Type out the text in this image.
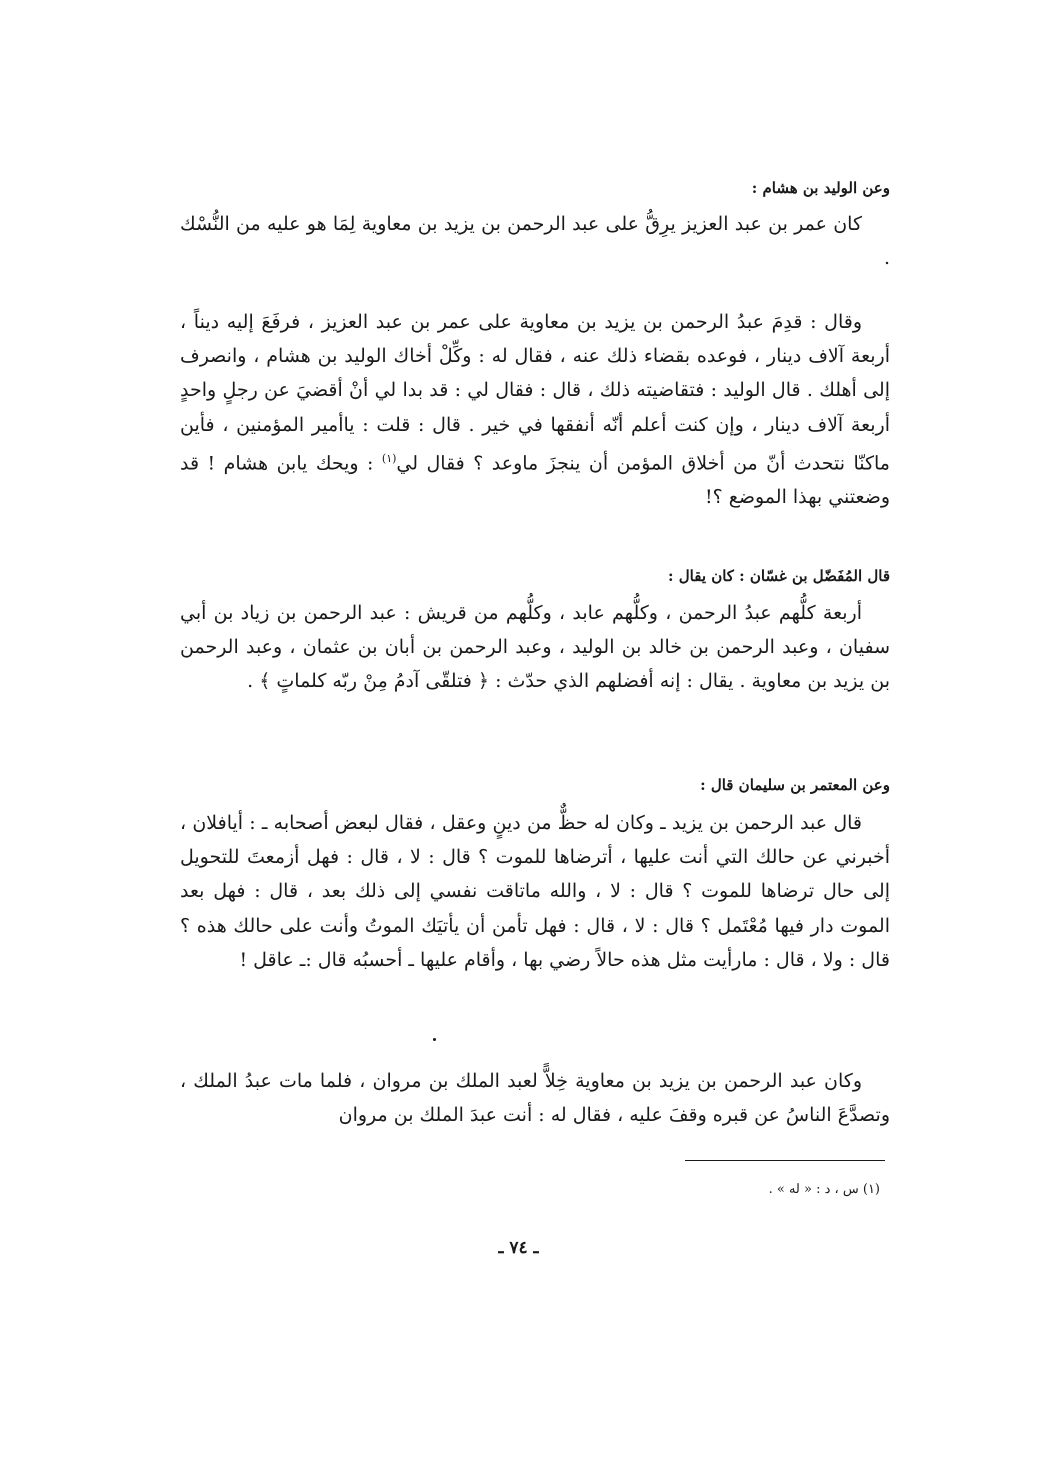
وعن الوليد بن هشام :

كان عمر بن عبد العزيز يرِقُّ على عبد الرحمن بن يزيد بن معاوية لِمَا هو عليه من النُّسْك .

وقال : قدِمَ عبدُ الرحمن بن يزيد بن معاوية على عمر بن عبد العزيز ، فرفَعَ إليه ديناً ، أربعة آلاف دينار ، فوعده بقضاء ذلك عنه ، فقال له : وكِّلْ أخاك الوليد بن هشام ، وانصرف إلى أهلك . قال الوليد : فتقاضيته ذلك ، قال : فقال لي : قد بدا لي أنْ أقضيَ عن رجلٍ واحدٍ أربعة آلاف دينار ، وإن كنت أعلم أنّه أنفقها في خير . قال : قلت : ياأمير المؤمنين ، فأين ماكنّا نتحدث أنّ من أخلاق المؤمن أن ينجزَ ماوعد ؟ فقال لي$^{(١)}$ : ويحك يابن هشام ! قد وضعتني بهذا الموضع ؟!

قال المُفَضّل بن غسّان : كان يقال :

أربعة كلُّهم عبدُ الرحمن ، وكلُّهم عابد ، وكلُّهم من قريش : عبد الرحمن بن زياد بن أبي سفيان ، وعبد الرحمن بن خالد بن الوليد ، وعبد الرحمن بن أبان بن عثمان ، وعبد الرحمن بن يزيد بن معاوية . يقال : إنه أفضلهم الذي حدّث : ﴿ فتلقّى آدمُ مِنْ ربّه كلماتٍ ﴾ .

وعن المعتمر بن سليمان قال :

قال عبد الرحمن بن يزيد ـ وكان له حظٌّ من دينٍ وعقل ، فقال لبعض أصحابه ـ : أيافلان ، أخبرني عن حالك التي أنت عليها ، أترضاها للموت ؟ قال : لا ، قال : فهل أزمعتَ للتحويل إلى حال ترضاها للموت ؟ قال : لا ، والله ماتاقت نفسي إلى ذلك بعد ، قال : فهل بعد الموت دار فيها مُعْتَمل ؟ قال : لا ، قال : فهل تأمن أن يأتيَك الموتُ وأنت على حالك هذه ؟ قال : ولا ، قال : مارأيت مثل هذه حالاً رضي بها ، وأقام عليها ـ أحسبُه قال :ـ عاقل !

وكان عبد الرحمن بن يزيد بن معاوية خِلاًّ لعبد الملك بن مروان ، فلما مات عبدُ الملك ، وتصدَّعَ الناسُ عن قبره وقفَ عليه ، فقال له : أنت عبدَ الملك بن مروان

(١) س ، د : « له » .
ـ ٧٤ ـ
